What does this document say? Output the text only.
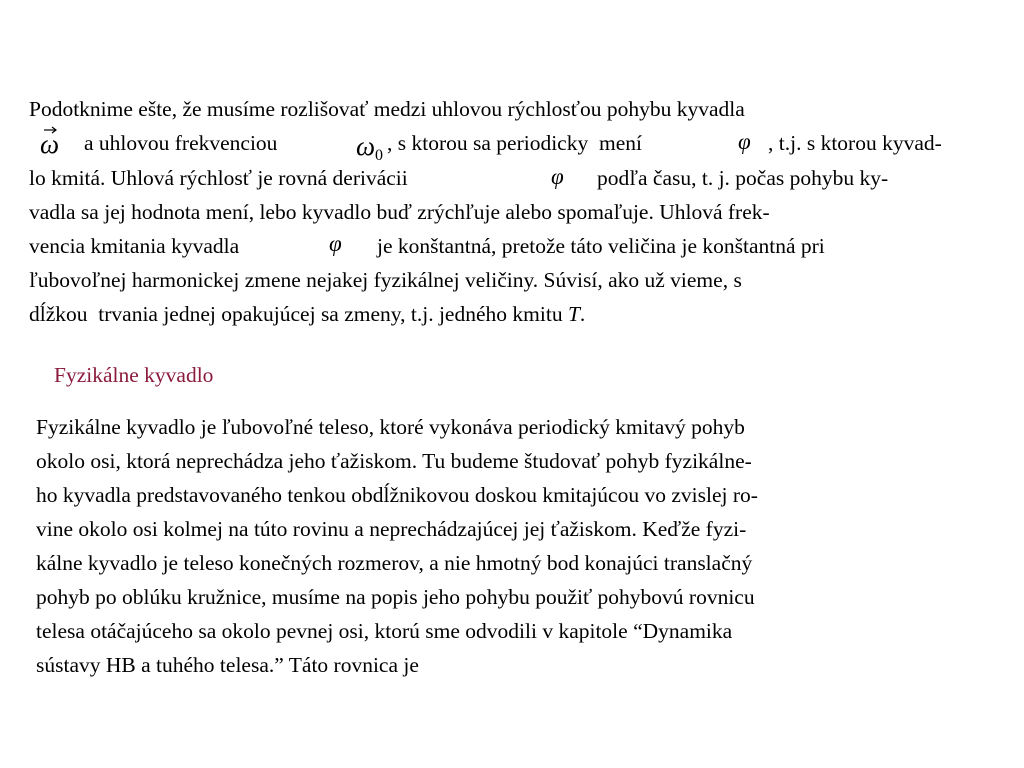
Podotknime ešte, že musíme rozlišovať medzi uhlovou rýchlosťou pohybu kyvadla
ω a uhlovou frekvenciou	ω 0
, s ktorou sa periodicky  mení	φ , t.j. s ktorou kyvad-
lo kmitá. Uhlová rýchlosť je rovná derivácii	φ podľa času, t. j. počas pohybu ky-
vadla sa jej hodnota mení, lebo kyvadlo buď zrýchľuje alebo spomaľuje. Uhlová frek-
vencia kmitania kyvadla	φ je konštantná, pretože táto veličina je konštantná pri
ľubovoľnej harmonickej zmene nejakej fyzikálnej veličiny. Súvisí, ako už vieme, s
dĺžkou  trvania jednej opakujúcej sa zmeny, t.j. jedného kmitu T.
Fyzikálne kyvadlo
Fyzikálne kyvadlo je ľubovoľné teleso, ktoré vykonáva periodický kmitavý pohyb
okolo osi, ktorá neprechádza jeho ťažiskom. Tu budeme študovať pohyb fyzikálne-
ho kyvadla predstavovaného tenkou obdĺžnikovou doskou kmitajúcou vo zvislej ro-
vine okolo osi kolmej na túto rovinu a neprechádzajúcej jej ťažiskom. Keďže fyzi-
kálne kyvadlo je teleso konečných rozmerov, a nie hmotný bod konajúci translačný
pohyb po oblúku kružnice, musíme na popis jeho pohybu použiť pohybovú rovnicu
telesa otáčajúceho sa okolo pevnej osi, ktorú sme odvodili v kapitole “Dynamika
sústavy HB a tuhého telesa.” Táto rovnica je
